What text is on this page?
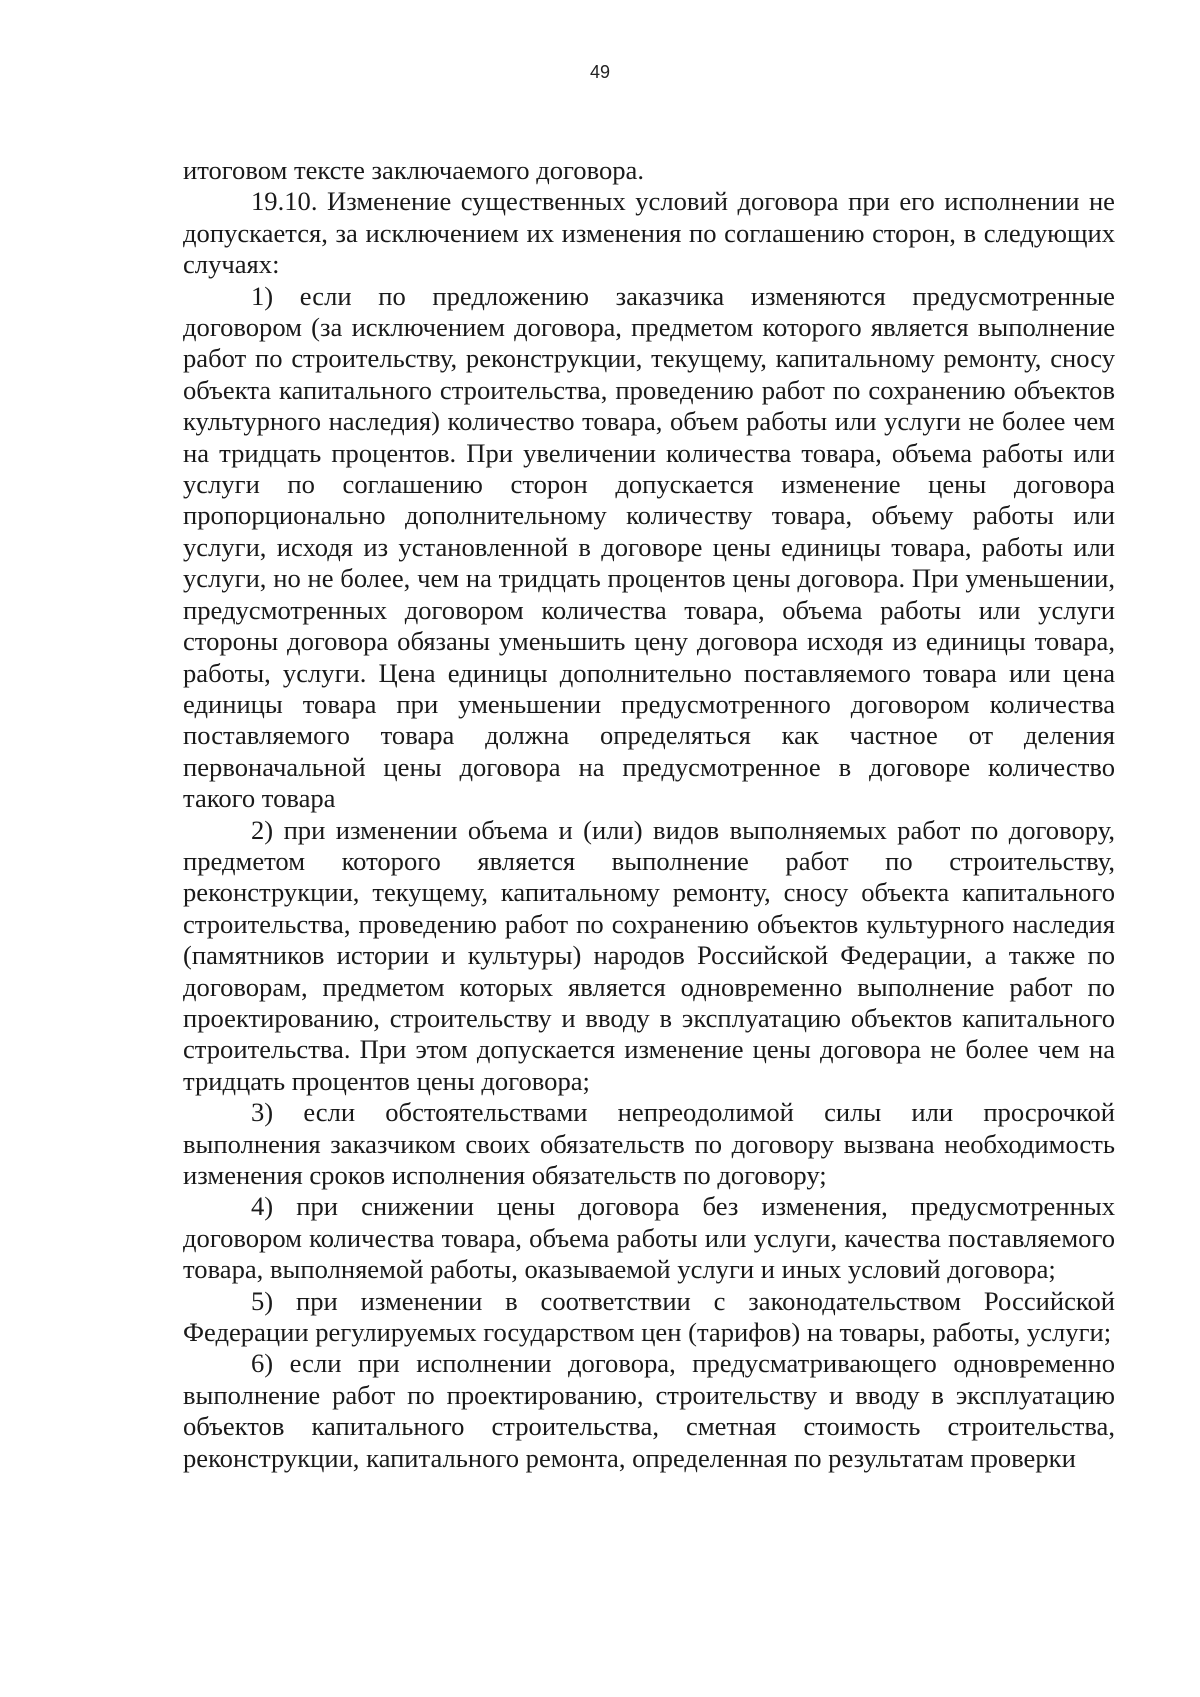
49

итоговом тексте заключаемого договора.

19.10. Изменение существенных условий договора при его исполнении не допускается, за исключением их изменения по соглашению сторон, в следующих случаях:

1) если по предложению заказчика изменяются предусмотренные договором (за исключением договора, предметом которого является выполнение работ по строительству, реконструкции, текущему, капитальному ремонту, сносу объекта капитального строительства, проведению работ по сохранению объектов культурного наследия) количество товара, объем работы или услуги не более чем на тридцать процентов. При увеличении количества товара, объема работы или услуги по соглашению сторон допускается изменение цены договора пропорционально дополнительному количеству товара, объему работы или услуги, исходя из установленной в договоре цены единицы товара, работы или услуги, но не более, чем на тридцать процентов цены договора. При уменьшении, предусмотренных договором количества товара, объема работы или услуги стороны договора обязаны уменьшить цену договора исходя из единицы товара, работы, услуги. Цена единицы дополнительно поставляемого товара или цена единицы товара при уменьшении предусмотренного договором количества поставляемого товара должна определяться как частное от деления первоначальной цены договора на предусмотренное в договоре количество такого товара

2) при изменении объема и (или) видов выполняемых работ по договору, предметом которого является выполнение работ по строительству, реконструкции, текущему, капитальному ремонту, сносу объекта капитального строительства, проведению работ по сохранению объектов культурного наследия (памятников истории и культуры) народов Российской Федерации, а также по договорам, предметом которых является одновременно выполнение работ по проектированию, строительству и вводу в эксплуатацию объектов капитального строительства. При этом допускается изменение цены договора не более чем на тридцать процентов цены договора;

3) если обстоятельствами непреодолимой силы или просрочкой выполнения заказчиком своих обязательств по договору вызвана необходимость изменения сроков исполнения обязательств по договору;

4) при снижении цены договора без изменения, предусмотренных договором количества товара, объема работы или услуги, качества поставляемого товара, выполняемой работы, оказываемой услуги и иных условий договора;

5) при изменении в соответствии с законодательством Российской Федерации регулируемых государством цен (тарифов) на товары, работы, услуги;

6) если при исполнении договора, предусматривающего одновременно выполнение работ по проектированию, строительству и вводу в эксплуатацию объектов капитального строительства, сметная стоимость строительства, реконструкции, капитального ремонта, определенная по результатам проверки
